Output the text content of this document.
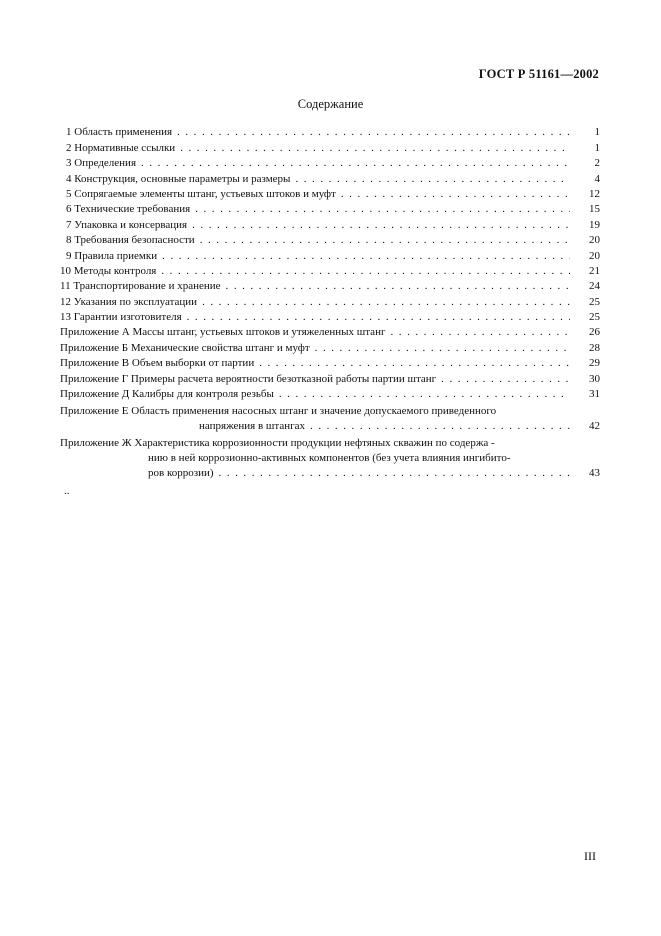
ГОСТ Р 51161—2002
Содержание
1 Область применения . . .	1
2 Нормативные ссылки . . .	1
3 Определения . . .	2
4 Конструкция, основные параметры и размеры . . .	4
5 Сопрягаемые элементы штанг, устьевых штоков и муфт . . .	12
6 Технические требования . . .	15
7 Упаковка и консервация . . .	19
8 Требования безопасности . . .	20
9 Правила приемки . . .	20
10 Методы контроля . . .	21
11 Транспортирование и хранение . . .	24
12 Указания по эксплуатации . . .	25
13 Гарантии изготовителя . . .	25
Приложение А Массы штанг, устьевых штоков и утяжеленных штанг . . .	26
Приложение Б Механические свойства штанг и муфт . . .	28
Приложение В Объем выборки от партии . . .	29
Приложение Г Примеры расчета вероятности безотказной работы партии штанг . . .	30
Приложение Д Калибры для контроля резьбы . . .	31
Приложение Е Область применения насосных штанг и значение допускаемого приведенного
напряжения в штангах . . .	42
Приложение Ж Характеристика коррозионности продукции нефтяных скважин по содержа -
нию в ней коррозионно-активных компонентов (без учета влияния ингибито-
ров коррозии) . . .	43
..
III
